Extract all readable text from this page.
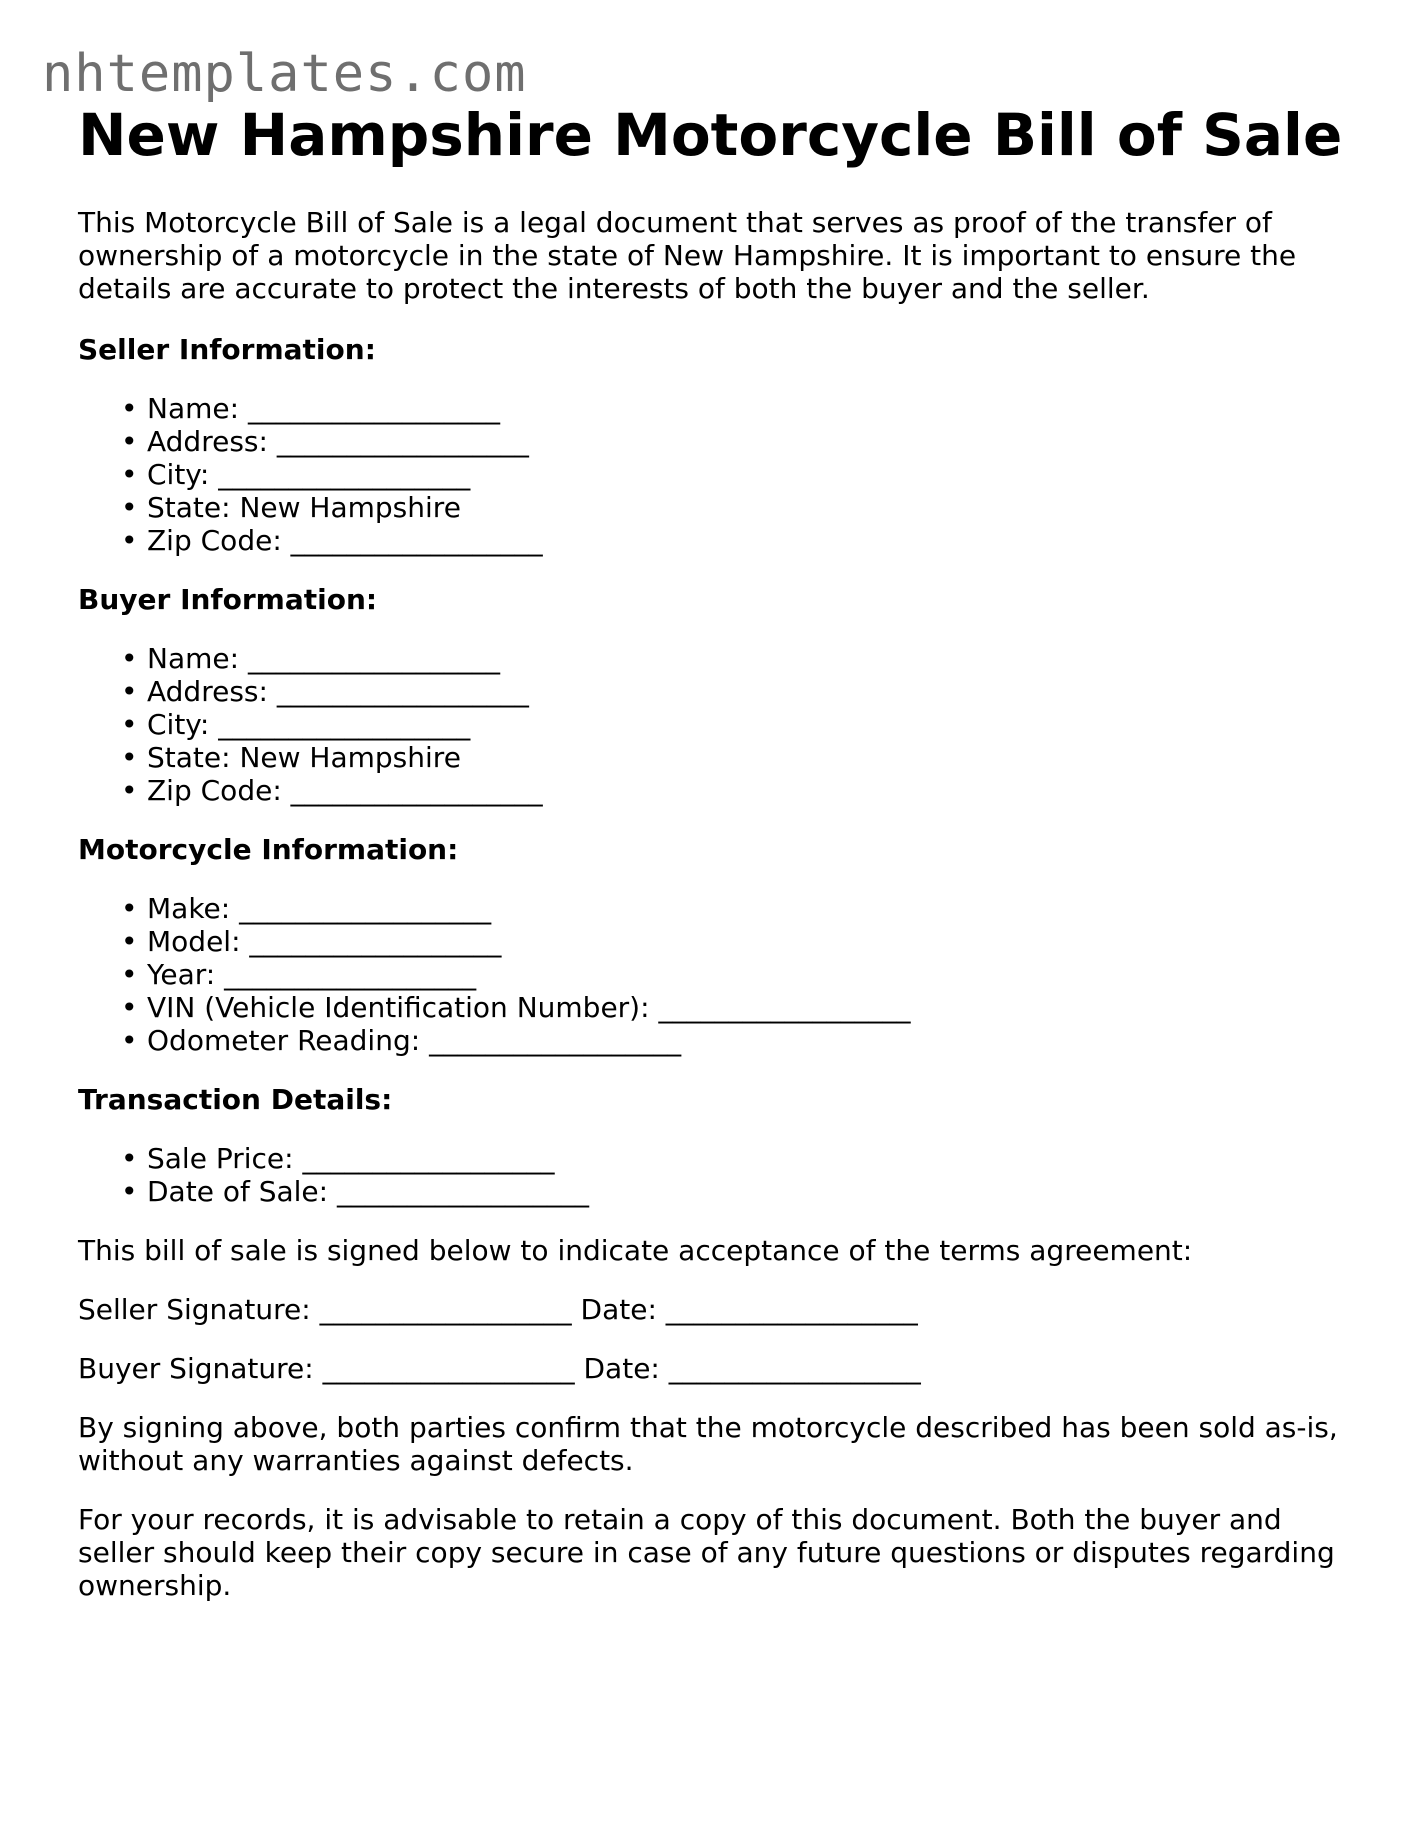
nhtemplates.com
New Hampshire Motorcycle Bill of Sale

This Motorcycle Bill of Sale is a legal document that serves as proof of the transfer of ownership of a motorcycle in the state of New Hampshire. It is important to ensure the details are accurate to protect the interests of both the buyer and the seller.

Seller Information:
• Name: __________________
• Address: __________________
• City: __________________
• State: New Hampshire
• Zip Code: __________________
Buyer Information:
• Name: __________________
• Address: __________________
• City: __________________
• State: New Hampshire
• Zip Code: __________________
Motorcycle Information:
• Make: __________________
• Model: __________________
• Year: __________________
• VIN (Vehicle Identification Number): __________________
• Odometer Reading: __________________
Transaction Details:
• Sale Price: __________________
• Date of Sale: __________________

This bill of sale is signed below to indicate acceptance of the terms agreement:

Seller Signature: __________________ Date: __________________

Buyer Signature: __________________ Date: __________________

By signing above, both parties confirm that the motorcycle described has been sold as-is, without any warranties against defects.

For your records, it is advisable to retain a copy of this document. Both the buyer and seller should keep their copy secure in case of any future questions or disputes regarding ownership.
